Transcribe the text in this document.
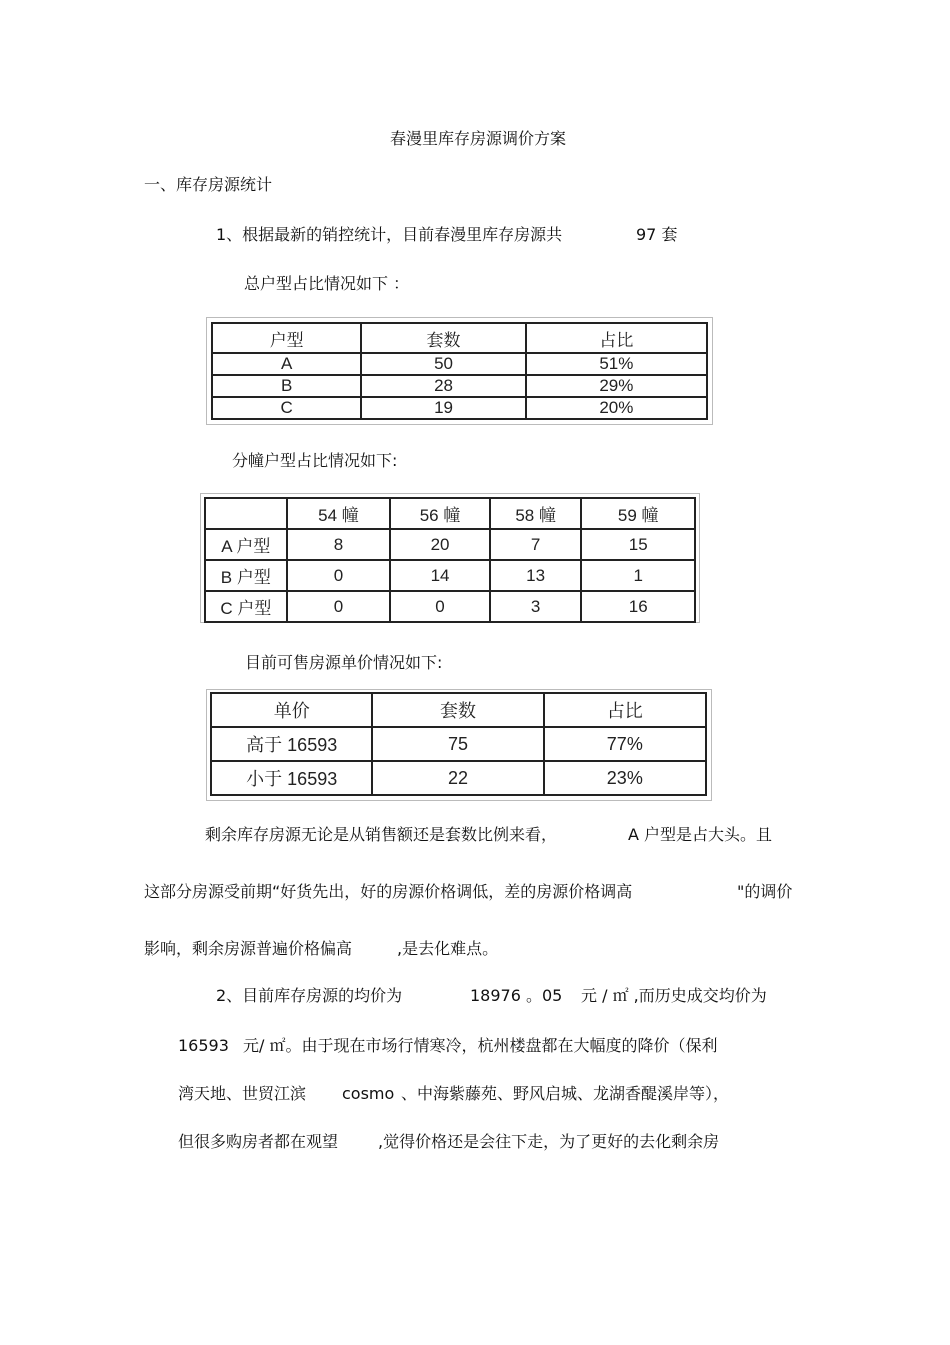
春漫里库存房源调价方案
一、库存房源统计
1、根据最新的销控统计，目前春漫里库存房源共	97 套
总户型占比情况如下 ：
户型	套数	占比
A	50	51%
B	28	29%
C	19	20%
分幢户型占比情况如下:
	54 幢	56 幢	58 幢	59 幢
A 户型	8	20	7	15
B 户型	0	14	13	1
C 户型	0	0	3	16
目前可售房源单价情况如下:
单价	套数	占比
高于 16593	75	77%
小于 16593	22	23%
剩余库存房源无论是从销售额还是套数比例来看，	A 户型是占大头。且
这部分房源受前期“好货先出，好的房源价格调低，差的房源价格调高	"的调价
影响，剩余房源普遍价格偏高	,是去化难点。
2、目前库存房源的均价为	18976 。05 元 / ㎡ ,而历史成交均价为
16593 元/ ㎡。由于现在市场行情寒冷，杭州楼盘都在大幅度的降价（保利
湾天地、世贸江滨 cosmo 、中海紫藤苑、野风启城、龙湖香醍溪岸等），
但很多购房者都在观望 ,觉得价格还是会往下走，为了更好的去化剩余房
